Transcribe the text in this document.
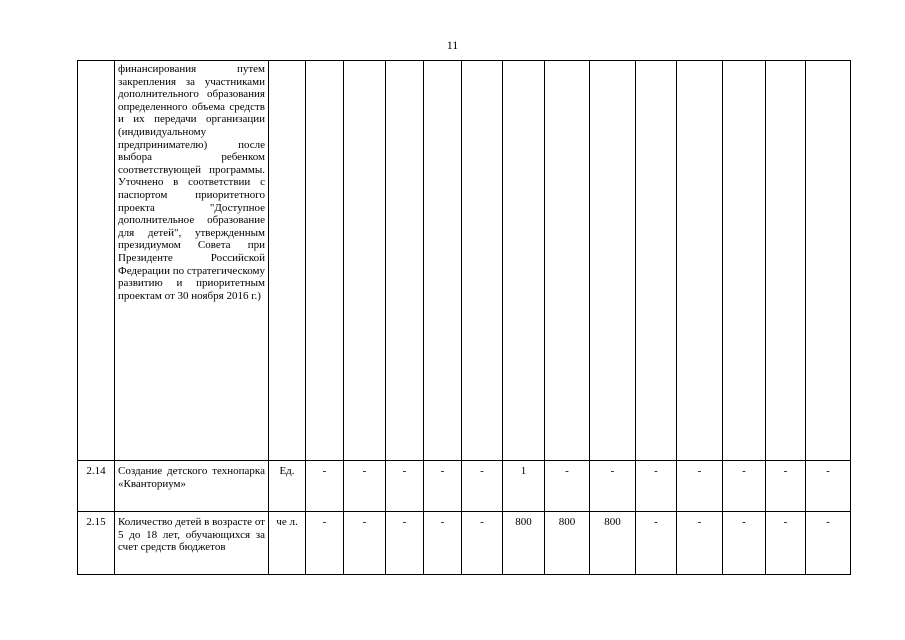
11
	финансирования путем закрепления за участниками дополнительного образования определенного объема средств и их передачи организации (индивидуальному предпринимателю) после выбора ребенком соответствующей программы. Уточнено в соответствии с паспортом приоритетного проекта "Доступное дополнительное образование для детей", утвержденным президиумом Совета при Президенте Российской Федерации по стратегическому развитию и приоритетным проектам от 30 ноября 2016 г.)														
2.14	Создание детского технопарка «Кванториум»	Ед.	-	-	-	-	-	1	-	-	-	-	-	-	-
2.15	Количество детей в возрасте от 5 до 18 лет, обучающихся за счет средств бюджетов	че л.	-	-	-	-	-	800	800	800	-	-	-	-	-
